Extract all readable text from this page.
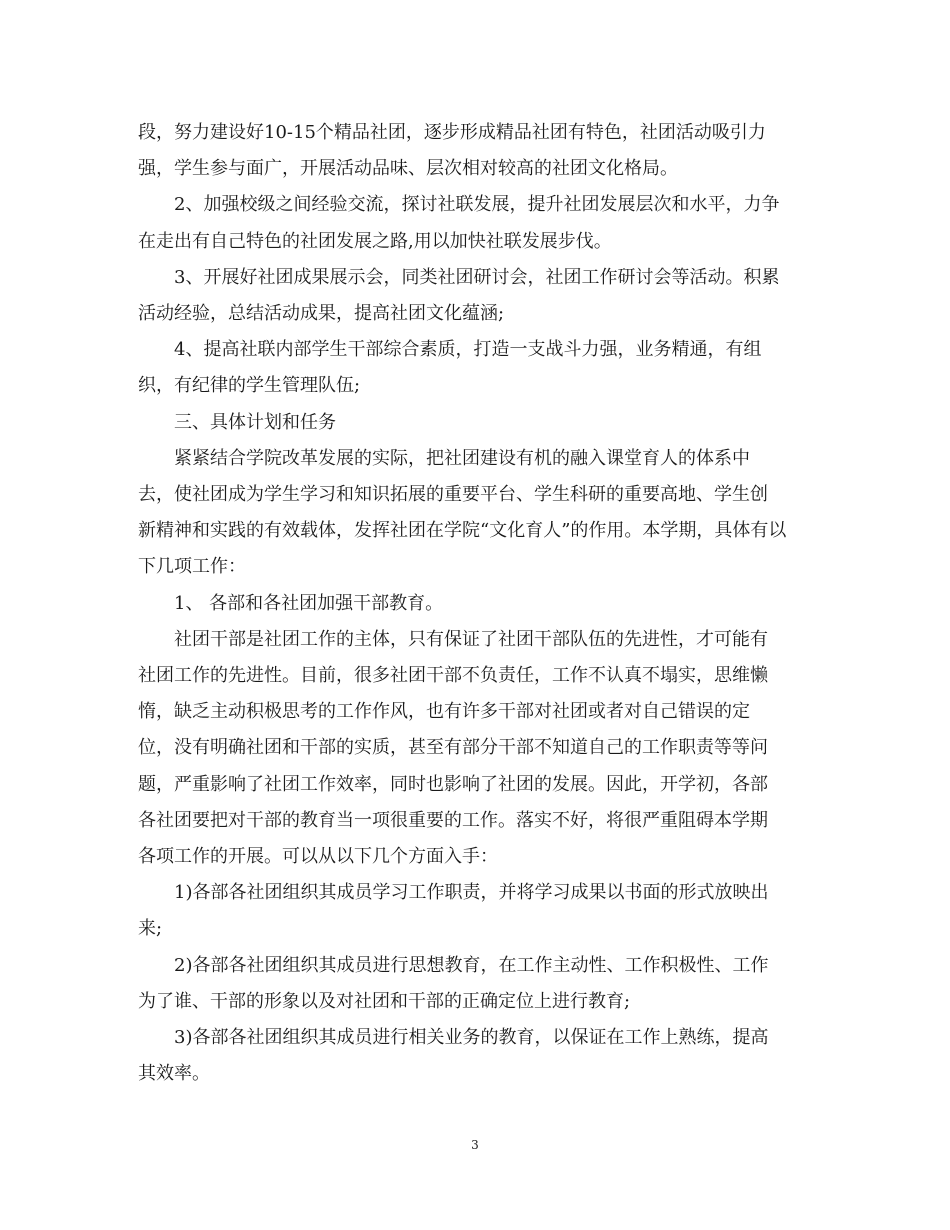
段，努力建设好10-15个精品社团，逐步形成精品社团有特色，社团活动吸引力
强，学生参与面广，开展活动品味、层次相对较高的社团文化格局。

2、加强校级之间经验交流，探讨社联发展，提升社团发展层次和水平，力争
在走出有自己特色的社团发展之路,用以加快社联发展步伐。

3、开展好社团成果展示会，同类社团研讨会，社团工作研讨会等活动。积累
活动经验，总结活动成果，提高社团文化蕴涵;

4、提高社联内部学生干部综合素质，打造一支战斗力强，业务精通，有组
织，有纪律的学生管理队伍;

三、具体计划和任务

紧紧结合学院改革发展的实际，把社团建设有机的融入课堂育人的体系中
去，使社团成为学生学习和知识拓展的重要平台、学生科研的重要高地、学生创
新精神和实践的有效载体，发挥社团在学院“文化育人”的作用。本学期，具体有以
下几项工作：

1、 各部和各社团加强干部教育。

社团干部是社团工作的主体，只有保证了社团干部队伍的先进性，才可能有
社团工作的先进性。目前，很多社团干部不负责任，工作不认真不塌实，思维懒
惰，缺乏主动积极思考的工作作风，也有许多干部对社团或者对自己错误的定
位，没有明确社团和干部的实质，甚至有部分干部不知道自己的工作职责等等问
题，严重影响了社团工作效率，同时也影响了社团的发展。因此，开学初，各部
各社团要把对干部的教育当一项很重要的工作。落实不好，将很严重阻碍本学期
各项工作的开展。可以从以下几个方面入手：

1)各部各社团组织其成员学习工作职责，并将学习成果以书面的形式放映出
来;

2)各部各社团组织其成员进行思想教育，在工作主动性、工作积极性、工作
为了谁、干部的形象以及对社团和干部的正确定位上进行教育;

3)各部各社团组织其成员进行相关业务的教育，以保证在工作上熟练，提高
其效率。

3
